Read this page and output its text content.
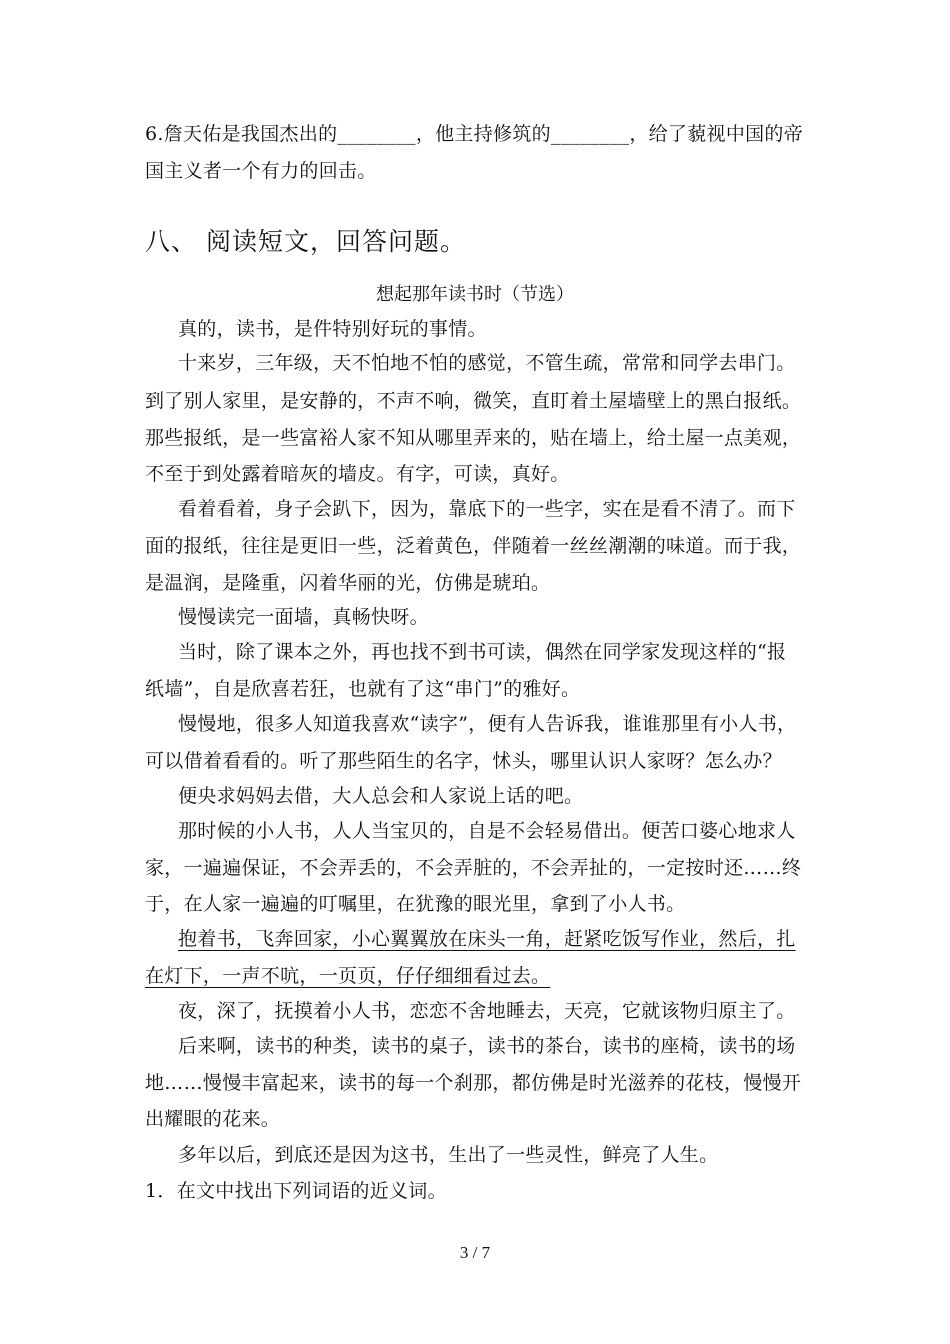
6.詹天佑是我国杰出的________，他主持修筑的________，给了藐视中国的帝
国主义者一个有力的回击。
八、 阅读短文，回答问题。
想起那年读书时（节选）
真的，读书，是件特别好玩的事情。
十来岁，三年级，天不怕地不怕的感觉，不管生疏，常常和同学去串门。
到了别人家里，是安静的，不声不响，微笑，直盯着土屋墙壁上的黑白报纸。
那些报纸，是一些富裕人家不知从哪里弄来的，贴在墙上，给土屋一点美观，
不至于到处露着暗灰的墙皮。有字，可读，真好。
看着看着，身子会趴下，因为，靠底下的一些字，实在是看不清了。而下
面的报纸，往往是更旧一些，泛着黄色，伴随着一丝丝潮潮的味道。而于我，
是温润，是隆重，闪着华丽的光，仿佛是琥珀。
慢慢读完一面墙，真畅快呀。
当时，除了课本之外，再也找不到书可读，偶然在同学家发现这样的“报
纸墙”，自是欣喜若狂，也就有了这“串门”的雅好。
慢慢地，很多人知道我喜欢“读字”，便有人告诉我，谁谁那里有小人书，
可以借着看看的。听了那些陌生的名字，怵头，哪里认识人家呀？怎么办？
便央求妈妈去借，大人总会和人家说上话的吧。
那时候的小人书，人人当宝贝的，自是不会轻易借出。便苦口婆心地求人
家，一遍遍保证，不会弄丢的，不会弄脏的，不会弄扯的，一定按时还……终
于，在人家一遍遍的叮嘱里，在犹豫的眼光里，拿到了小人书。
抱着书，飞奔回家，小心翼翼放在床头一角，赶紧吃饭写作业，然后，扎
在灯下，一声不吭，一页页，仔仔细细看过去。
夜，深了，抚摸着小人书，恋恋不舍地睡去，天亮，它就该物归原主了。
后来啊，读书的种类，读书的桌子，读书的茶台，读书的座椅，读书的场
地……慢慢丰富起来，读书的每一个刹那，都仿佛是时光滋养的花枝，慢慢开
出耀眼的花来。
多年以后，到底还是因为这书，生出了一些灵性，鲜亮了人生。
1．在文中找出下列词语的近义词。
3 / 7
